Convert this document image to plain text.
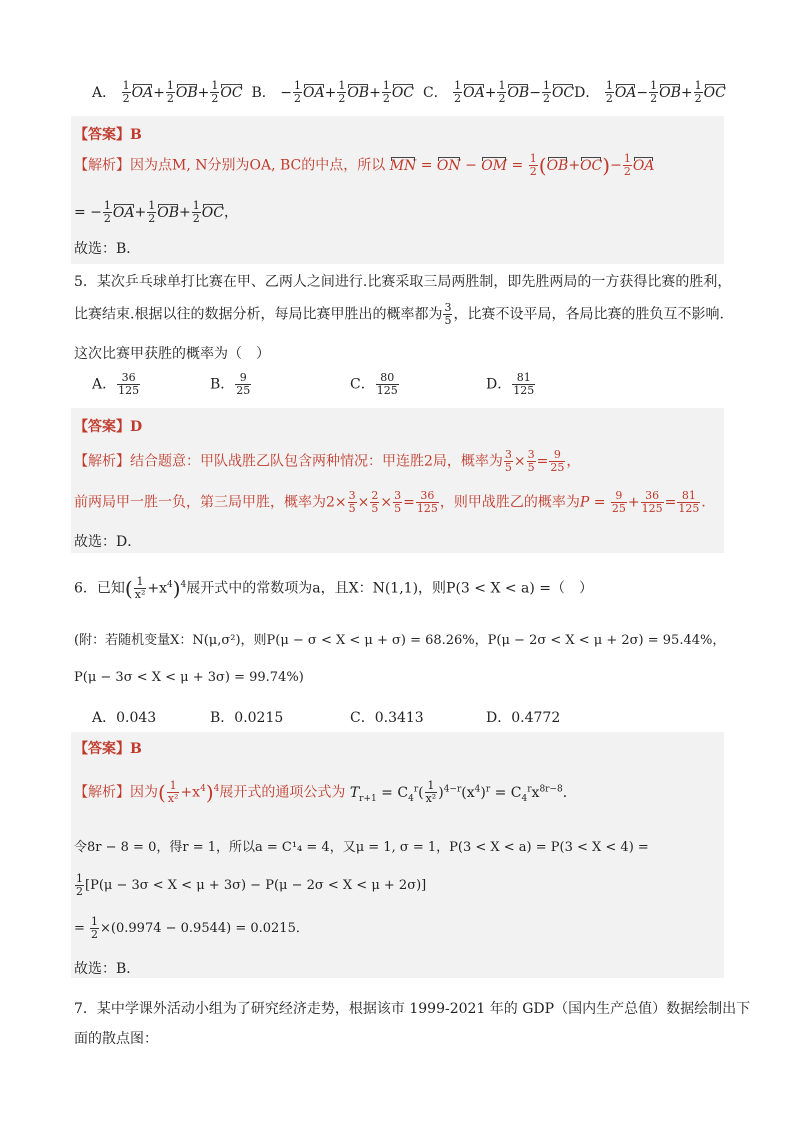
A． $\frac{1}{2} OA+ \frac{1}{2} OB+ \frac{1}{2}$ OC B． − $\frac{1}{2} OA+ \frac{1}{2} OB+ \frac{1}{2}$ OC C． $\frac{1}{2} OA+ \frac{1}{2} OB- \frac{1}{2}$ OCD． $\frac{1}{2} OA- \frac{1}{2} OB+ \frac{1}{2}$ OC
【答案】B
【解析】因为点M, N分别为OA, BC的中点，所以 MN = ON − OM = $\frac{1}{2} (OB+OC)- \frac{1}{2}$ OA
= − $\frac{1}{2} OA+ \frac{1}{2} OB+ \frac{1}{2}$ OC，
故选：B．
5．某次乒乓球单打比赛在甲、乙两人之间进行.比赛采取三局两胜制，即先胜两局的一方获得比赛的胜利，
比赛结束.根据以往的数据分析，每局比赛甲胜出的概率都为 $\frac{3}{5}$ ，比赛不设平局，各局比赛的胜负互不影响.
这次比赛甲获胜的概率为（　）
A． $\frac{36}{125}$	B． $\frac{9}{25}$	C． $\frac{80}{125}$	D． $\frac{81}{125}$
【答案】D
【解析】结合题意：甲队战胜乙队包含两种情况：甲连胜2局，概率为 $\frac{3}{5} \times \frac{3}{5} = \frac{9}{25}$ ，
前两局甲一胜一负，第三局甲胜，概率为$2\times \frac{3}{5} \times \frac{2}{5} \times \frac{3}{5} = \frac{36}{125}$ ，则甲战胜乙的概率为$P = \frac{9}{25} + \frac{36}{125} = \frac{81}{125}$ ．
故选：D．
6．已知( $\frac{1}{\text{x²}} +x^4)^4$展开式中的常数项为a，且X：N(1,1)，则P(3 < X < a) =（　）
(附：若随机变量X：N(μ,σ²)，则P(μ − σ < X < μ + σ) = 68.26%，P(μ − 2σ < X < μ + 2σ) = 95.44%，
P(μ − 3σ < X < μ + 3σ) = 99.74%)
A．0.043	B．0.0215	C．0.3413	D．0.4772
【答案】B
【解析】因为( $\frac{1}{\text{x²}} +x^4)^4$展开式的通项公式为 $T_{r+1} = C_4^r( \frac{1}{\text{x²}} )^{4-r}(x^4)^r = C_4^rx^{8r-8}$．
令8r − 8 = 0，得r = 1，所以a = C¹₄ = 4，又μ = 1, σ = 1，P(3 < X < a) = P(3 < X < 4) =
$\frac{1}{2} [P(\mu - 3\sigma < X < \mu + 3\sigma) - P(\mu - 2\sigma < X < \mu + 2\sigma)]$
= $\frac{1}{2} \times(0.9974 - 0.9544) = 0.0215$．
故选：B．
7．某中学课外活动小组为了研究经济走势，根据该市 1999-2021 年的 GDP（国内生产总值）数据绘制出下
面的散点图：
